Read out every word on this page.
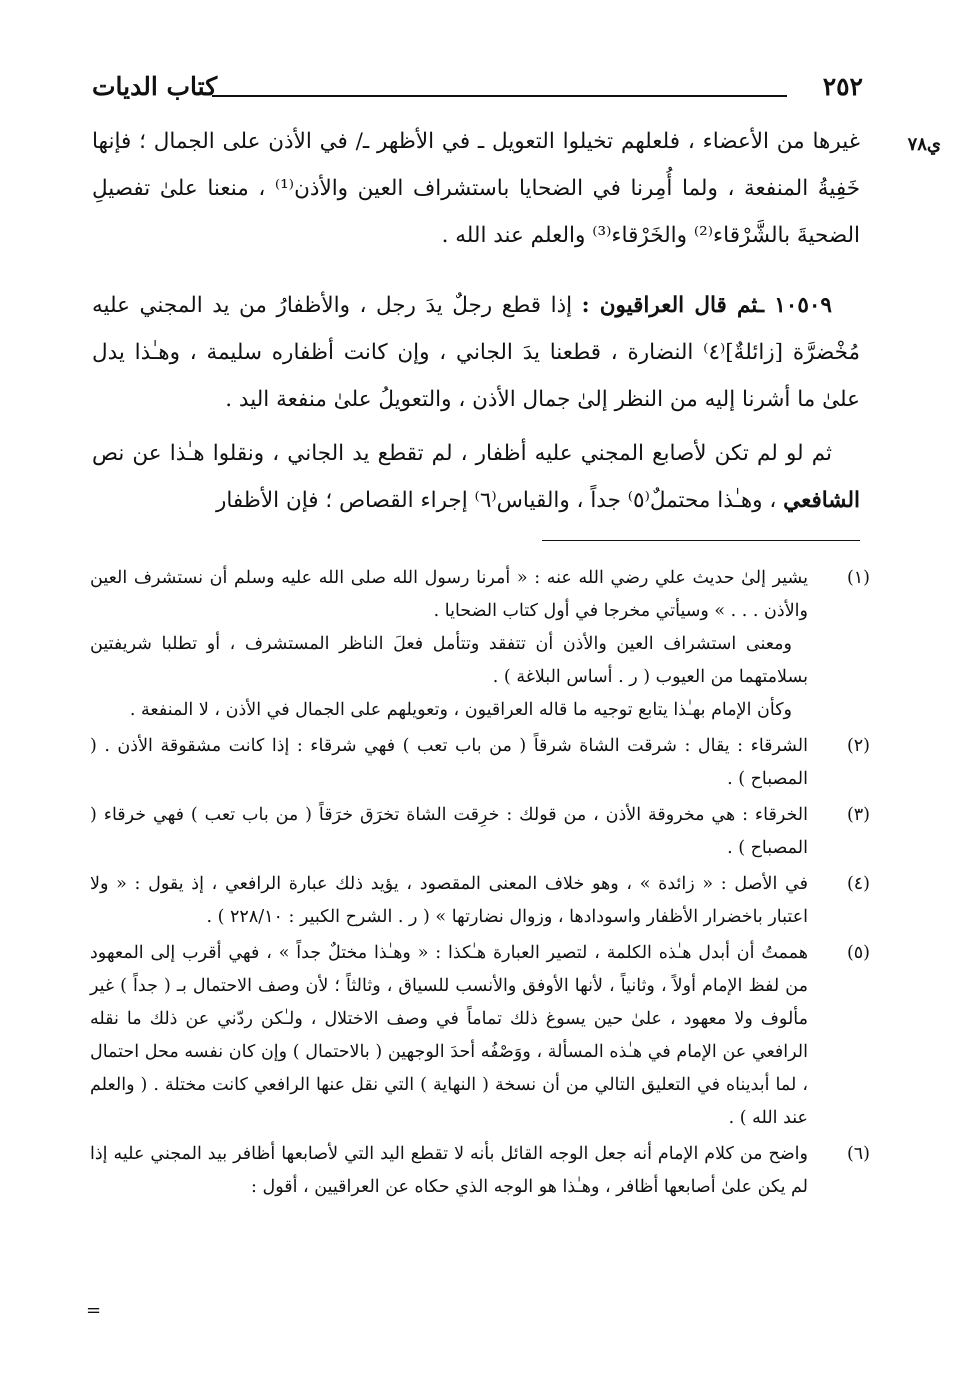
٢٥٢
كتاب الديات
ي٧٨

غيرها من الأعضاء ، فلعلهم تخيلوا التعويل ـ في الأظهر ـ/ في الأذن على الجمال ؛ فإنها خَفِيةُ المنفعة ، ولما أُمِرنا في الضحايا باستشراف العين والأذن⁽¹⁾ ، منعنا علىٰ تفصيلِ الضحيةَ بالشَّرْقاء⁽²⁾ والخَرْقاء⁽³⁾ والعلم عند الله .

١٠٥٠٩ ـثم قال العراقيون : إذا قطع رجلٌ يدَ رجل ، والأظفارُ من يد المجني عليه مُخْضرَّة [زائلةٌ]⁽٤⁾ النضارة ، قطعنا يدَ الجاني ، وإن كانت أظفاره سليمة ، وهـٰذا يدل علىٰ ما أشرنا إليه من النظر إلىٰ جمال الأذن ، والتعويلُ علىٰ منفعة اليد .

ثم لو لم تكن لأصابع المجني عليه أظفار ، لم تقطع يد الجاني ، ونقلوا هـٰذا عن نص الشافعي ، وهـٰذا محتملٌ⁽٥⁾ جداً ، والقياس⁽٦⁾ إجراء القصاص ؛ فإن الأظفار

(١)
يشير إلىٰ حديث علي رضي الله عنه : « أمرنا رسول الله صلى الله عليه وسلم أن نستشرف العين والأذن . . . » وسيأتي مخرجا في أول كتاب الضحايا .
ومعنى استشراف العين والأذن أن تتفقد وتتأمل فعلَ الناظر المستشرف ، أو تطلبا شريفتين بسلامتهما من العيوب ( ر . أساس البلاغة ) .
وكأن الإمام بهـٰذا يتابع توجيه ما قاله العراقيون ، وتعويلهم على الجمال في الأذن ، لا المنفعة .
(٢)
الشرقاء : يقال : شرقت الشاة شرقاً ( من باب تعب ) فهي شرقاء : إذا كانت مشقوقة الأذن . ( المصباح ) .
(٣)
الخرقاء : هي مخروقة الأذن ، من قولك : خرِقت الشاة تخرَق خرَقاً ( من باب تعب ) فهي خرقاء ( المصباح ) .
(٤)
في الأصل : « زائدة » ، وهو خلاف المعنى المقصود ، يؤيد ذلك عبارة الرافعي ، إذ يقول : « ولا اعتبار باخضرار الأظفار واسودادها ، وزوال نضارتها » ( ر . الشرح الكبير : ٢٢٨/١٠ ) .
(٥)
هممتُ أن أبدل هـٰذه الكلمة ، لتصير العبارة هـٰكذا : « وهـٰذا مختلٌ جداً » ، فهي أقرب إلى المعهود من لفظ الإمام أولاً ، وثانياً ، لأنها الأوفق والأنسب للسياق ، وثالثاً ؛ لأن وصف الاحتمال بـ ( جداً ) غير مألوف ولا معهود ، علىٰ حين يسوغ ذلك تماماً في وصف الاختلال ، ولـٰكن ردّني عن ذلك ما نقله الرافعي عن الإمام في هـٰذه المسألة ، ووَصْفُه أحدَ الوجهين ( بالاحتمال ) وإن كان نفسه محل احتمال ، لما أبديناه في التعليق التالي من أن نسخة ( النهاية ) التي نقل عنها الرافعي كانت مختلة . ( والعلم عند الله ) .
(٦)
واضح من كلام الإمام أنه جعل الوجه القائل بأنه لا تقطع اليد التي لأصابعها أظافر بيد المجني عليه إذا لم يكن علىٰ أصابعها أظافر ، وهـٰذا هو الوجه الذي حكاه عن العراقيين ، أقول :
=
